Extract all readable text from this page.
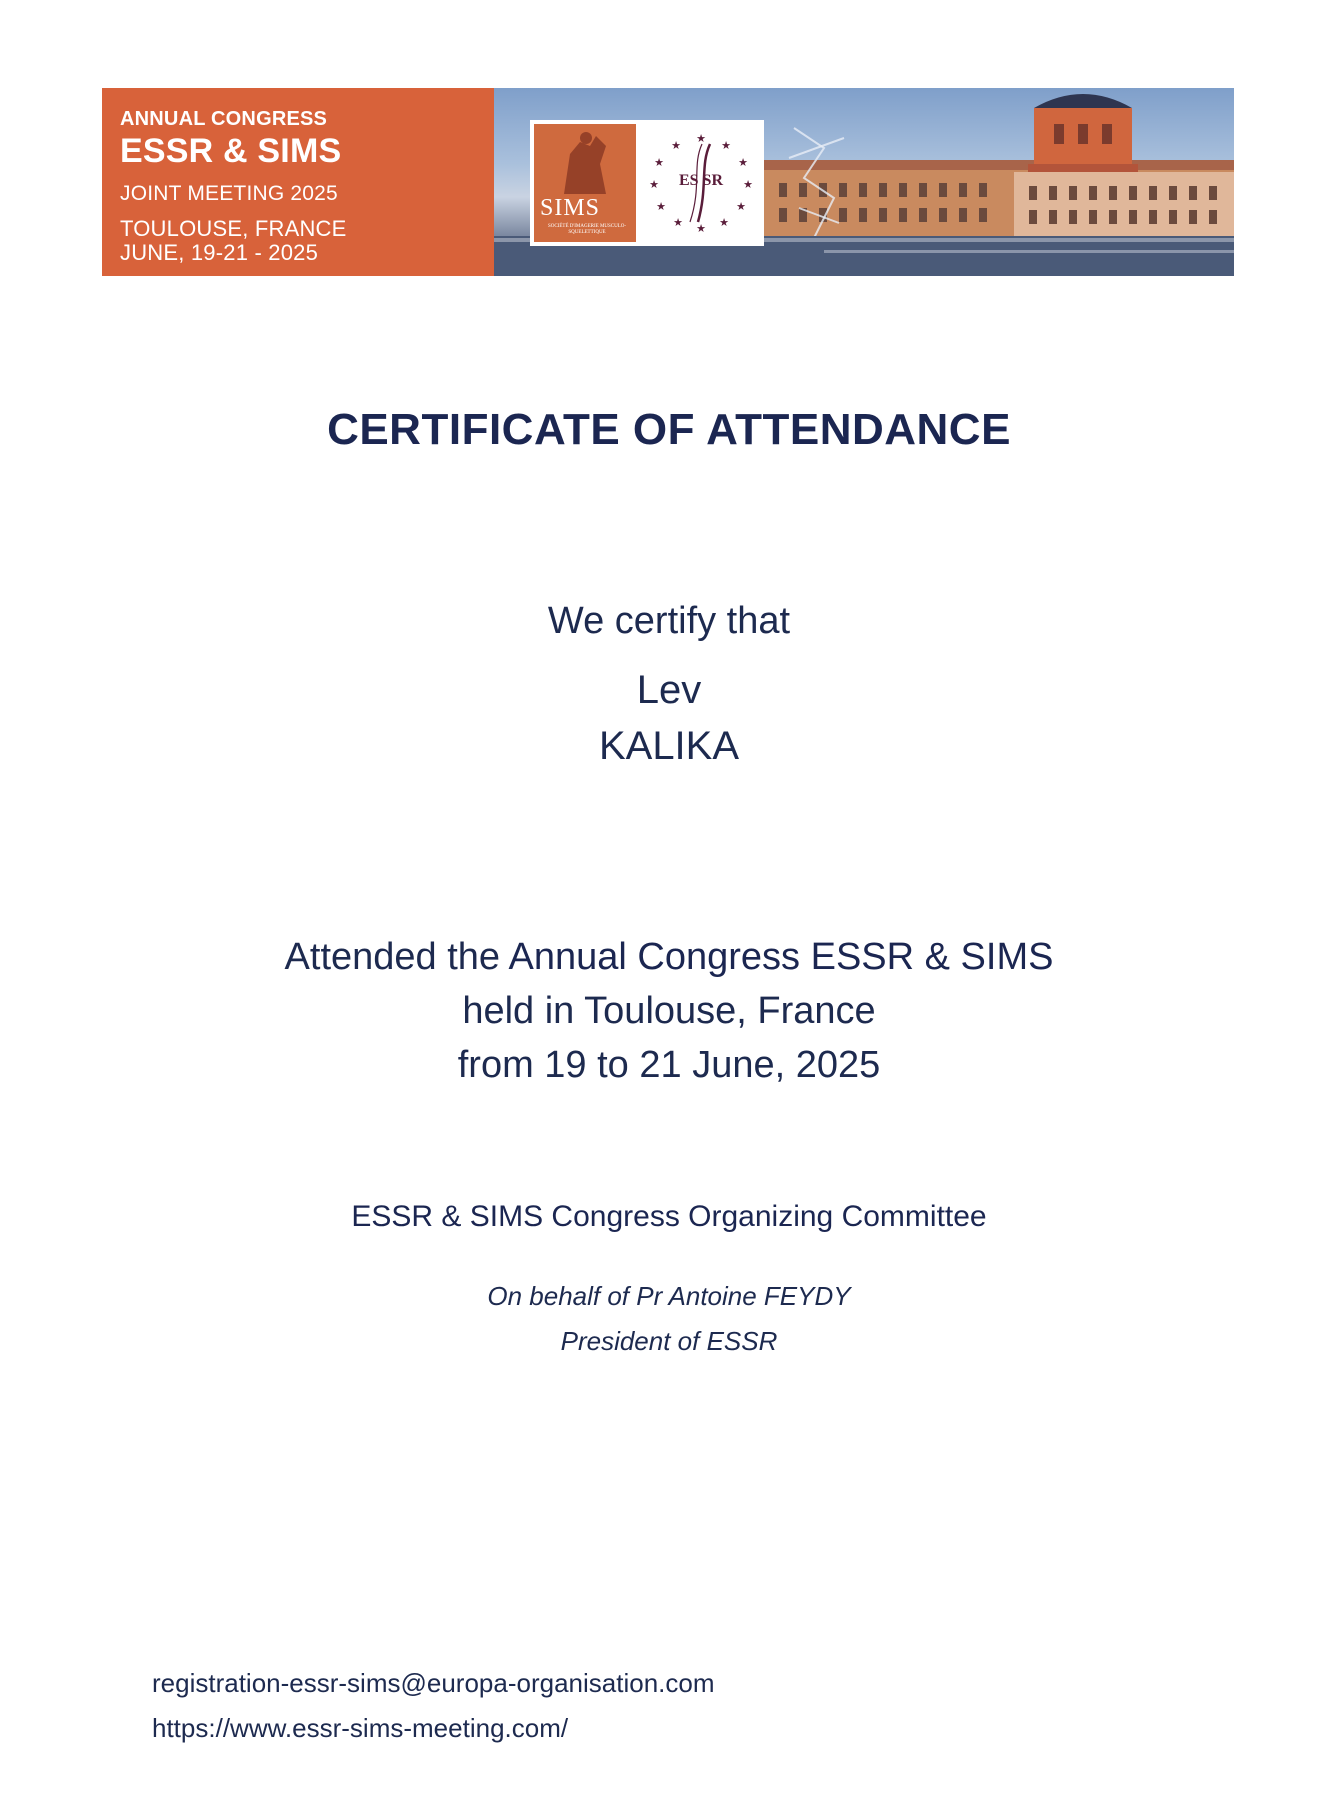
ANNUAL CONGRESS
ESSR & SIMS
JOINT MEETING 2025
TOULOUSE, FRANCE
JUNE, 19-21 - 2025
SIMS
SOCIÉTÉ D'IMAGERIE MUSCULO-SQUELETTIQUE
★
★
★
★
★
★
★
★
★
★
★
★
ES SR
CERTIFICATE OF ATTENDANCE
We certify that
Lev
KALIKA
Attended the Annual Congress ESSR & SIMS
held in Toulouse, France
from 19 to 21 June, 2025
ESSR & SIMS Congress Organizing Committee
On behalf of Pr Antoine FEYDY
President of ESSR
registration-essr-sims@europa-organisation.com
https://www.essr-sims-meeting.com/
